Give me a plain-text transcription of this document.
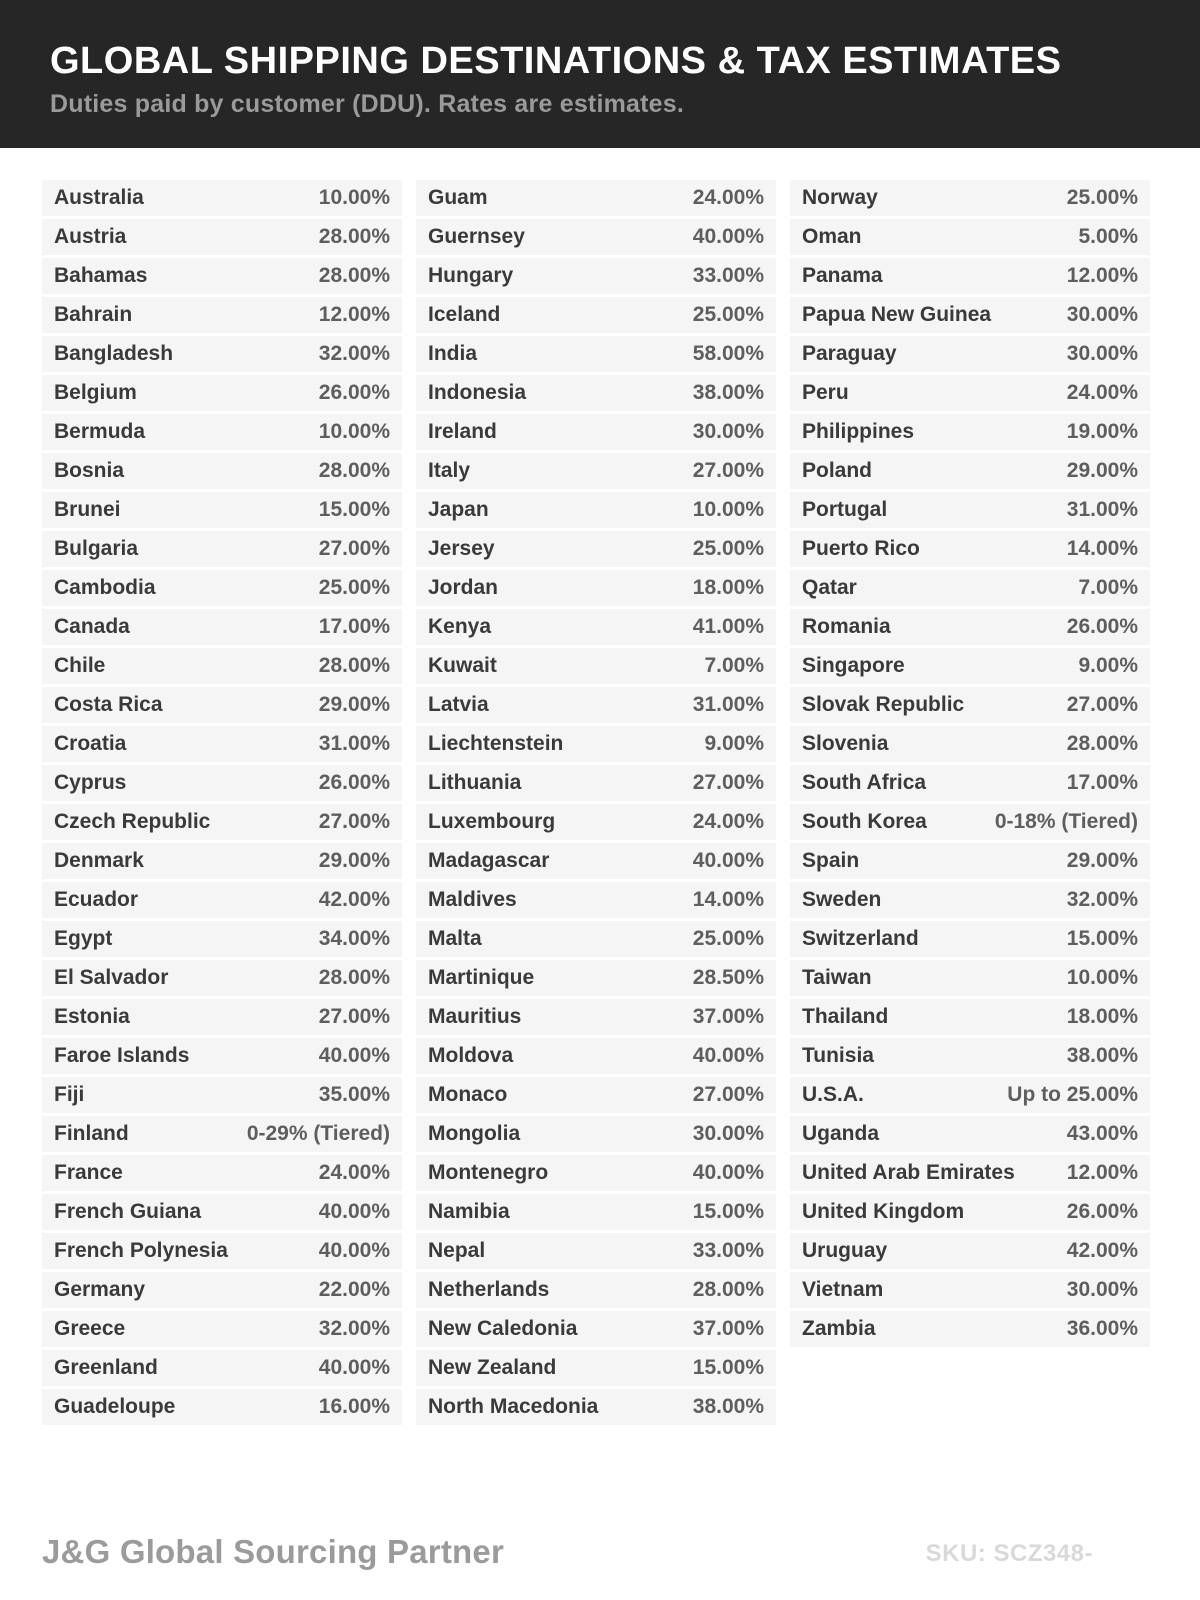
GLOBAL SHIPPING DESTINATIONS & TAX ESTIMATES

Duties paid by customer (DDU). Rates are estimates.

Australia	10.00%
Austria	28.00%
Bahamas	28.00%
Bahrain	12.00%
Bangladesh	32.00%
Belgium	26.00%
Bermuda	10.00%
Bosnia	28.00%
Brunei	15.00%
Bulgaria	27.00%
Cambodia	25.00%
Canada	17.00%
Chile	28.00%
Costa Rica	29.00%
Croatia	31.00%
Cyprus	26.00%
Czech Republic	27.00%
Denmark	29.00%
Ecuador	42.00%
Egypt	34.00%
El Salvador	28.00%
Estonia	27.00%
Faroe Islands	40.00%
Fiji	35.00%
Finland	0-29% (Tiered)
France	24.00%
French Guiana	40.00%
French Polynesia	40.00%
Germany	22.00%
Greece	32.00%
Greenland	40.00%
Guadeloupe	16.00%
Guam	24.00%
Guernsey	40.00%
Hungary	33.00%
Iceland	25.00%
India	58.00%
Indonesia	38.00%
Ireland	30.00%
Italy	27.00%
Japan	10.00%
Jersey	25.00%
Jordan	18.00%
Kenya	41.00%
Kuwait	7.00%
Latvia	31.00%
Liechtenstein	9.00%
Lithuania	27.00%
Luxembourg	24.00%
Madagascar	40.00%
Maldives	14.00%
Malta	25.00%
Martinique	28.50%
Mauritius	37.00%
Moldova	40.00%
Monaco	27.00%
Mongolia	30.00%
Montenegro	40.00%
Namibia	15.00%
Nepal	33.00%
Netherlands	28.00%
New Caledonia	37.00%
New Zealand	15.00%
North Macedonia	38.00%
Norway	25.00%
Oman	5.00%
Panama	12.00%
Papua New Guinea	30.00%
Paraguay	30.00%
Peru	24.00%
Philippines	19.00%
Poland	29.00%
Portugal	31.00%
Puerto Rico	14.00%
Qatar	7.00%
Romania	26.00%
Singapore	9.00%
Slovak Republic	27.00%
Slovenia	28.00%
South Africa	17.00%
South Korea	0-18% (Tiered)
Spain	29.00%
Sweden	32.00%
Switzerland	15.00%
Taiwan	10.00%
Thailand	18.00%
Tunisia	38.00%
U.S.A.	Up to 25.00%
Uganda	43.00%
United Arab Emirates 12.00%
United Kingdom	26.00%
Uruguay	42.00%
Vietnam	30.00%
Zambia	36.00%
J&G Global Sourcing Partner	SKU: SCZ348-
